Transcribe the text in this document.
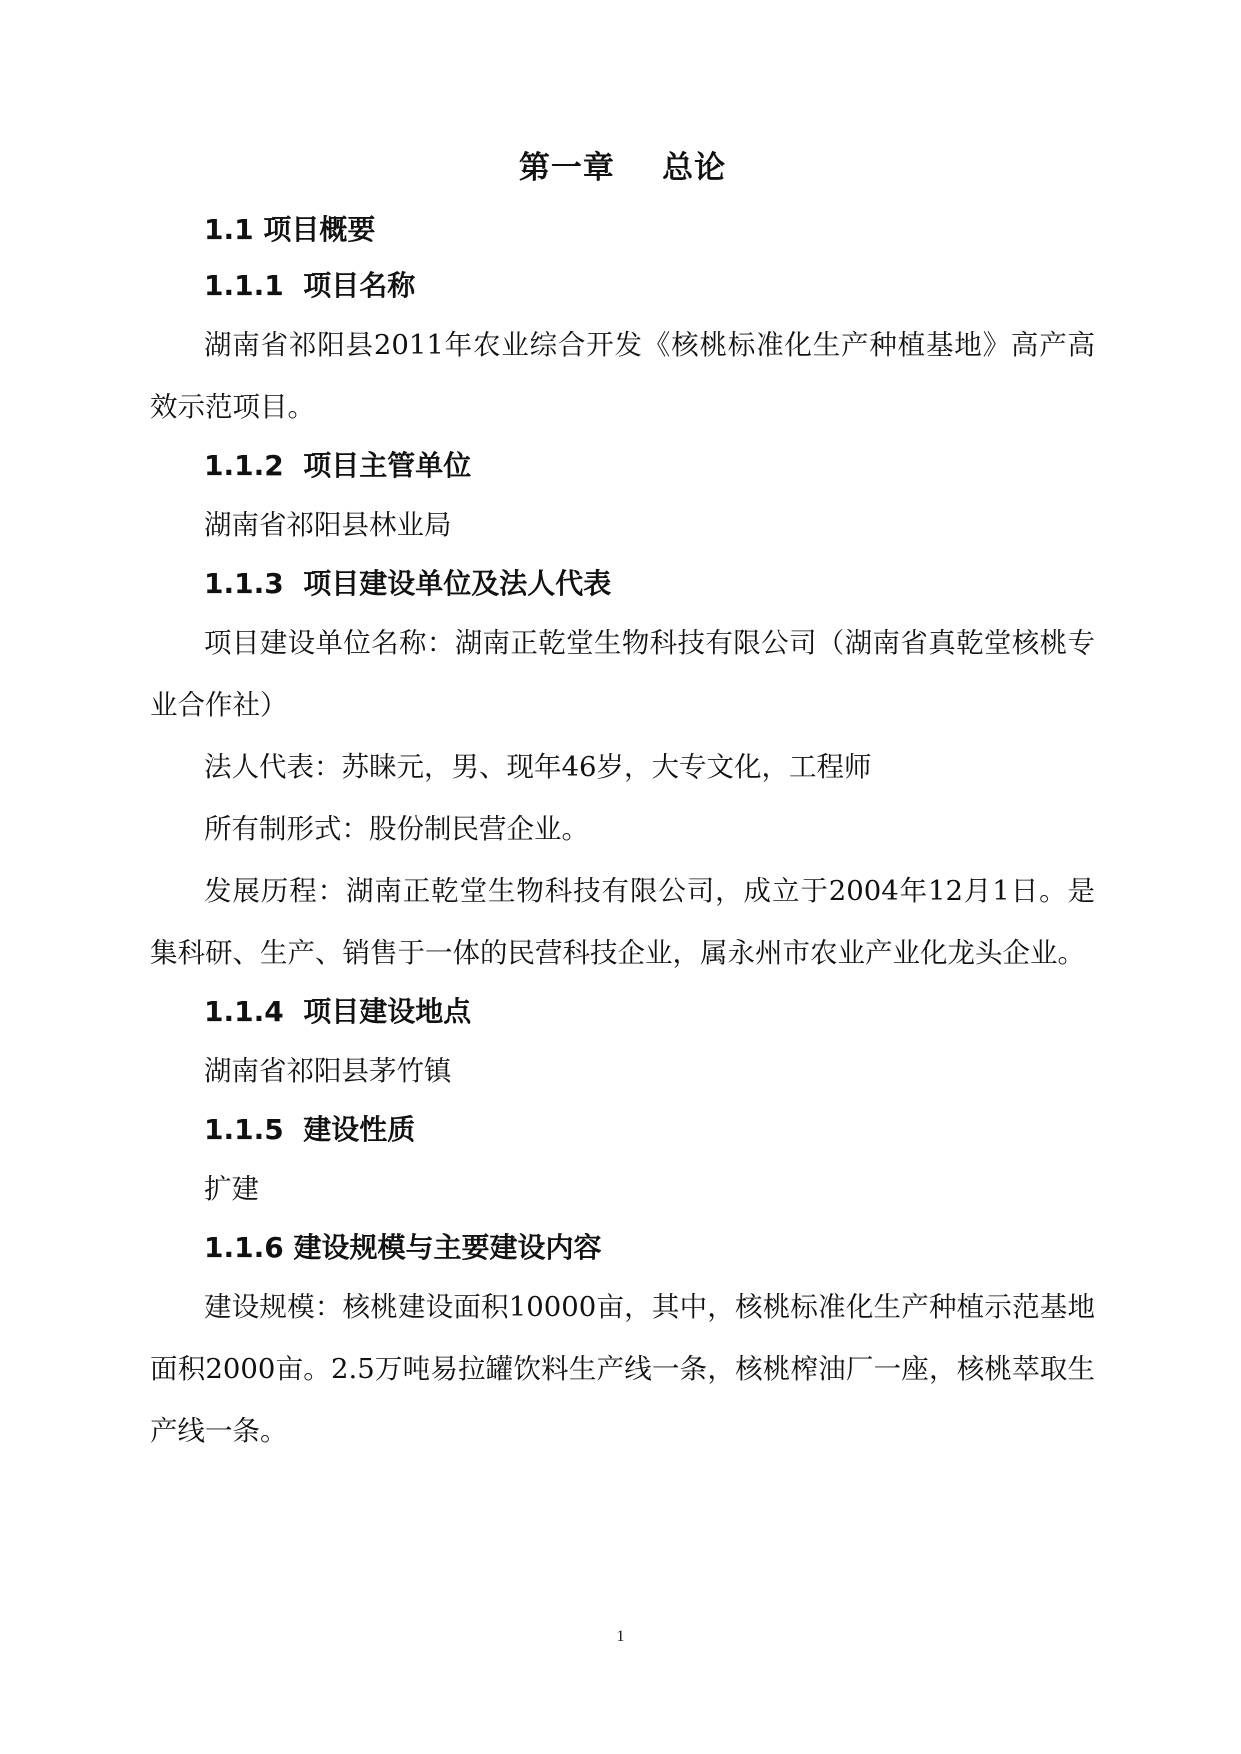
第一章    总论
1.1 项目概要
1.1.1  项目名称

湖南省祁阳县2011年农业综合开发《核桃标准化生产种植基地》高产高效示范项目。

1.1.2  项目主管单位

湖南省祁阳县林业局

1.1.3  项目建设单位及法人代表

项目建设单位名称：湖南正乾堂生物科技有限公司（湖南省真乾堂核桃专业合作社）

法人代表：苏睐元，男、现年46岁，大专文化，工程师

所有制形式：股份制民营企业。

发展历程：湖南正乾堂生物科技有限公司，成立于2004年12月1日。是集科研、生产、销售于一体的民营科技企业，属永州市农业产业化龙头企业。

1.1.4  项目建设地点

湖南省祁阳县茅竹镇

1.1.5  建设性质

扩建

1.1.6 建设规模与主要建设内容

建设规模：核桃建设面积10000亩，其中，核桃标准化生产种植示范基地面积2000亩。2.5万吨易拉罐饮料生产线一条，核桃榨油厂一座，核桃萃取生产线一条。

1
